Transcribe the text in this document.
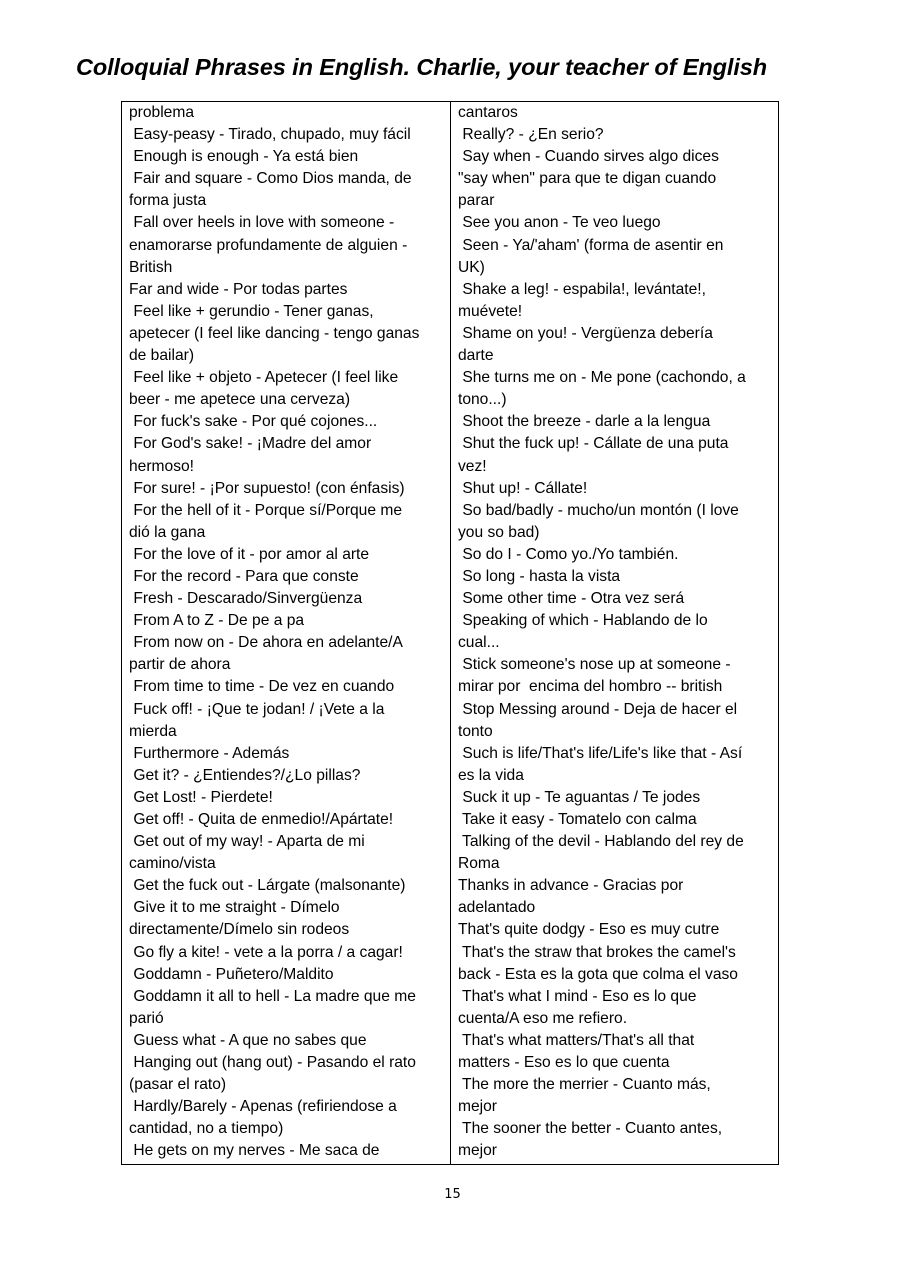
Colloquial Phrases in English. Charlie, your teacher of English
problema
Easy-peasy - Tirado, chupado, muy fácil
Enough is enough - Ya está bien
Fair and square - Como Dios manda, de
forma justa
Fall over heels in love with someone -
enamorarse profundamente de alguien -
British
Far and wide - Por todas partes
Feel like + gerundio - Tener ganas,
apetecer (I feel like dancing - tengo ganas
de bailar)
Feel like + objeto - Apetecer (I feel like
beer - me apetece una cerveza)
For fuck's sake - Por qué cojones...
For God's sake! - ¡Madre del amor
hermoso!
For sure! - ¡Por supuesto! (con énfasis)
For the hell of it - Porque sí/Porque me
dió la gana
For the love of it - por amor al arte
For the record - Para que conste
Fresh - Descarado/Sinvergüenza
From A to Z - De pe a pa
From now on - De ahora en adelante/A
partir de ahora
From time to time - De vez en cuando
Fuck off! - ¡Que te jodan! / ¡Vete a la
mierda
Furthermore - Además
Get it? - ¿Entiendes?/¿Lo pillas?
Get Lost! - Pierdete!
Get off! - Quita de enmedio!/Apártate!
Get out of my way! - Aparta de mi
camino/vista
Get the fuck out - Lárgate (malsonante)
Give it to me straight - Dímelo
directamente/Dímelo sin rodeos
Go fly a kite! - vete a la porra / a cagar!
Goddamn - Puñetero/Maldito
Goddamn it all to hell - La madre que me
parió
Guess what - A que no sabes que
Hanging out (hang out) - Pasando el rato
(pasar el rato)
Hardly/Barely - Apenas (refiriendose a
cantidad, no a tiempo)
He gets on my nerves - Me saca de
cantaros
Really? - ¿En serio?
Say when - Cuando sirves algo dices
"say when" para que te digan cuando
parar
See you anon - Te veo luego
Seen - Ya/'aham' (forma de asentir en
UK)
Shake a leg! - espabila!, levántate!,
muévete!
Shame on you! - Vergüenza debería
darte
She turns me on - Me pone (cachondo, a
tono...)
Shoot the breeze - darle a la lengua
Shut the fuck up! - Cállate de una puta
vez!
Shut up! - Cállate!
So bad/badly - mucho/un montón (I love
you so bad)
So do I - Como yo./Yo también.
So long - hasta la vista
Some other time - Otra vez será
Speaking of which - Hablando de lo
cual...
Stick someone's nose up at someone -
mirar por  encima del hombro -- british
Stop Messing around - Deja de hacer el
tonto
Such is life/That's life/Life's like that - Así
es la vida
Suck it up - Te aguantas / Te jodes
Take it easy - Tomatelo con calma
Talking of the devil - Hablando del rey de
Roma
Thanks in advance - Gracias por
adelantado
That's quite dodgy - Eso es muy cutre
That's the straw that brokes the camel's
back - Esta es la gota que colma el vaso
That's what I mind - Eso es lo que
cuenta/A eso me refiero.
That's what matters/That's all that
matters - Eso es lo que cuenta
The more the merrier - Cuanto más,
mejor
The sooner the better - Cuanto antes,
mejor
15
